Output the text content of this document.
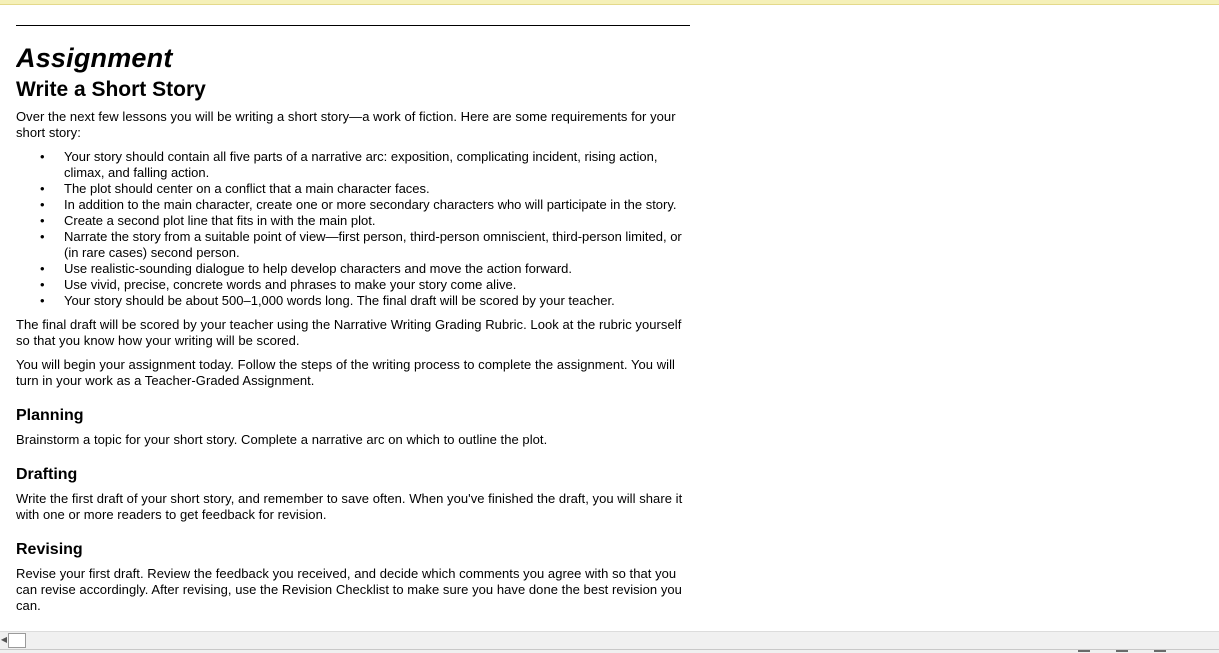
Assignment
Write a Short Story

Over the next few lessons you will be writing a short story—a work of fiction. Here are some requirements for your short story:

• Your story should contain all five parts of a narrative arc: exposition, complicating incident, rising action, climax, and falling action.
• The plot should center on a conflict that a main character faces.
• In addition to the main character, create one or more secondary characters who will participate in the story.
• Create a second plot line that fits in with the main plot.
• Narrate the story from a suitable point of view—first person, third-person omniscient, third-person limited, or (in rare cases) second person.
• Use realistic-sounding dialogue to help develop characters and move the action forward.
• Use vivid, precise, concrete words and phrases to make your story come alive.
• Your story should be about 500–1,000 words long. The final draft will be scored by your teacher.

The final draft will be scored by your teacher using the Narrative Writing Grading Rubric. Look at the rubric yourself so that you know how your writing will be scored.

You will begin your assignment today. Follow the steps of the writing process to complete the assignment. You will turn in your work as a Teacher-Graded Assignment.

Planning

Brainstorm a topic for your short story. Complete a narrative arc on which to outline the plot.

Drafting

Write the first draft of your short story, and remember to save often. When you've finished the draft, you will share it with one or more readers to get feedback for revision.

Revising

Revise your first draft. Review the feedback you received, and decide which comments you agree with so that you can revise accordingly. After revising, use the Revision Checklist to make sure you have done the best revision you can.

◀
